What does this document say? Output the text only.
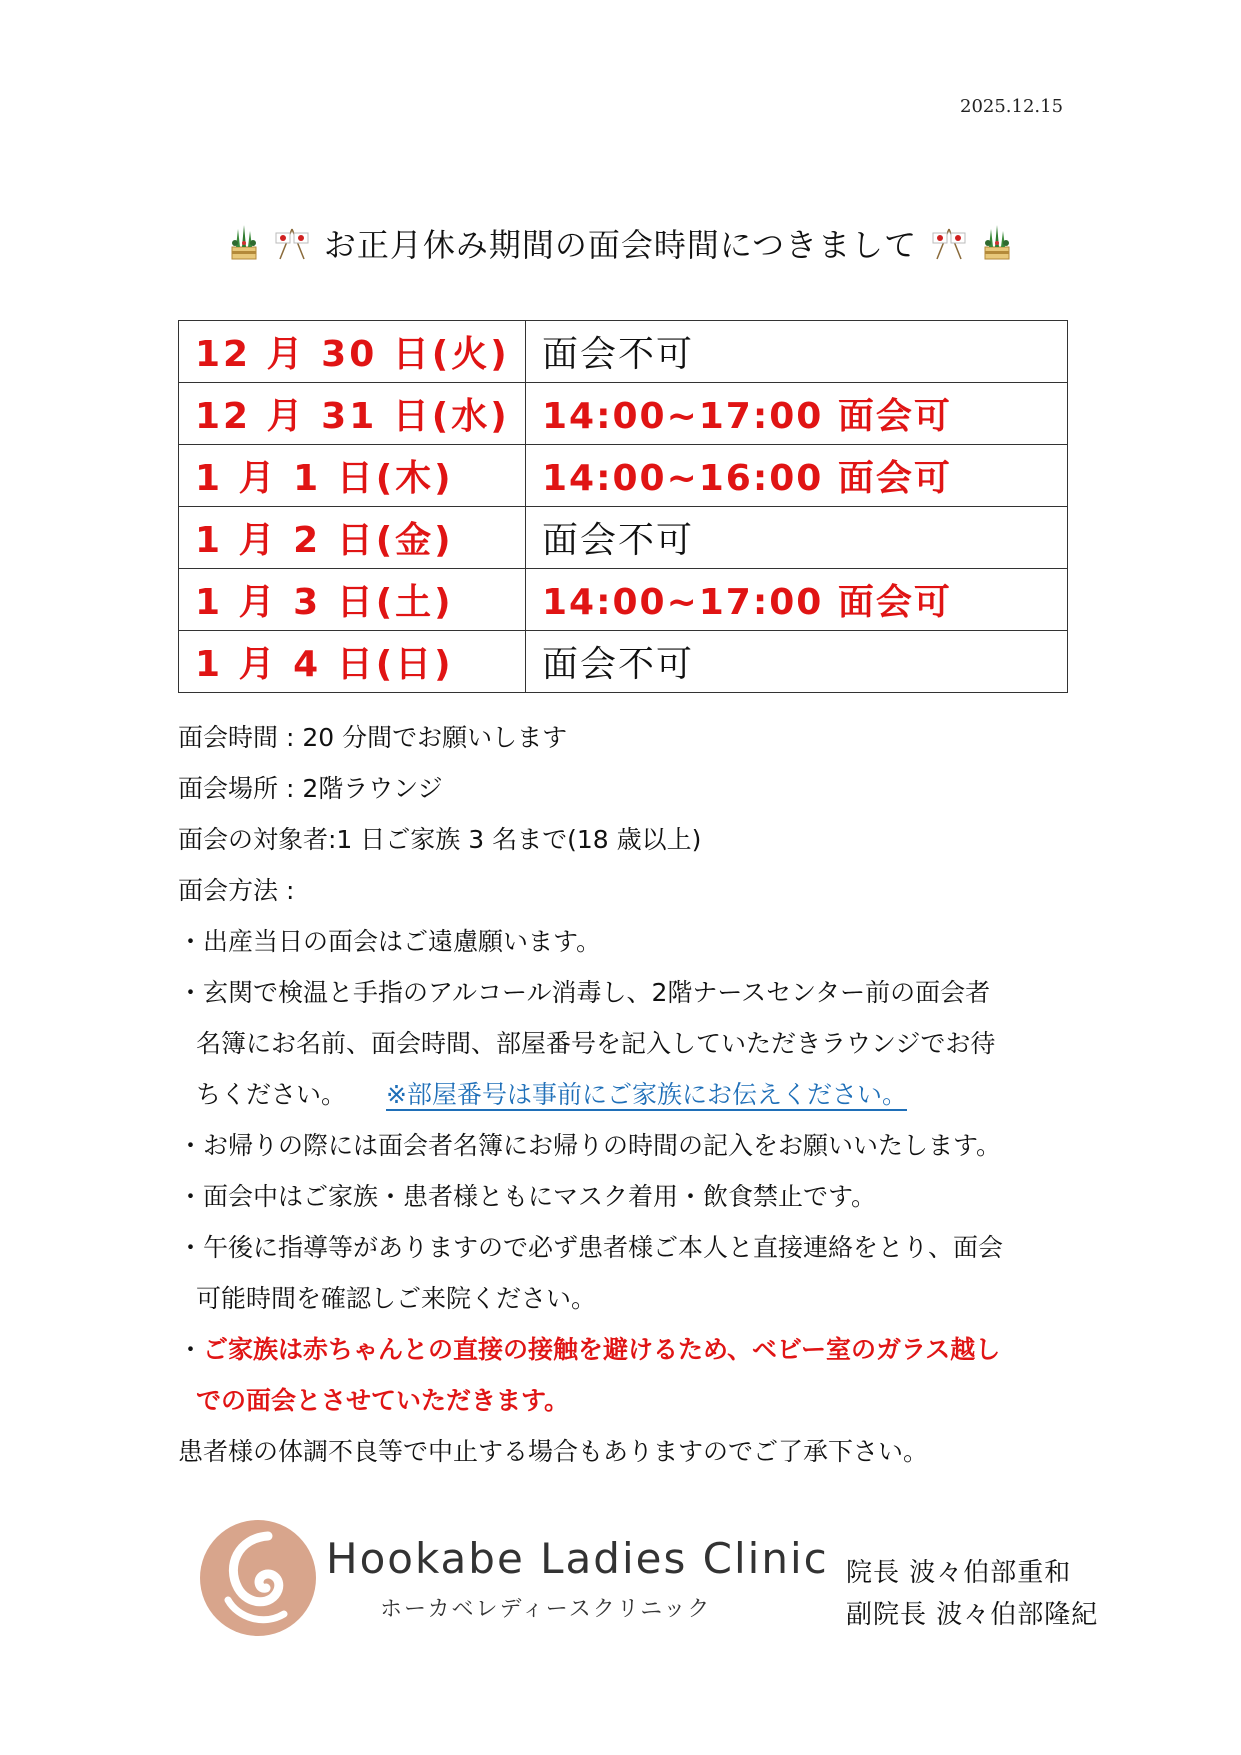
2025.12.15
お正月休み期間の面会時間につきまして
12 月 30 日(火)	面会不可
12 月 31 日(水)	14:00~17:00 面会可
1 月 1 日(木)	14:00~16:00 面会可
1 月 2 日(金)	面会不可
1 月 3 日(土)	14:00~17:00 面会可
1 月 4 日(日)	面会不可
面会時間 : 20 分間でお願いします
面会場所 : 2階ラウンジ
面会の対象者:1 日ご家族 3 名まで(18 歳以上)
面会方法 :
・出産当日の面会はご遠慮願います。
・玄関で検温と手指のアルコール消毒し、2階ナースセンター前の面会者
名簿にお名前、面会時間、部屋番号を記入していただきラウンジでお待
ちください。 ※部屋番号は事前にご家族にお伝えください。
・お帰りの際には面会者名簿にお帰りの時間の記入をお願いいたします。
・面会中はご家族・患者様ともにマスク着用・飲食禁止です。
・午後に指導等がありますので必ず患者様ご本人と直接連絡をとり、面会
可能時間を確認しご来院ください。
・ご家族は赤ちゃんとの直接の接触を避けるため、ベビー室のガラス越し
での面会とさせていただきます。
患者様の体調不良等で中止する場合もありますのでご了承下さい。
Hookabe Ladies Clinic
ホーカベレディースクリニック
院長 波々伯部重和
副院長 波々伯部隆紀
